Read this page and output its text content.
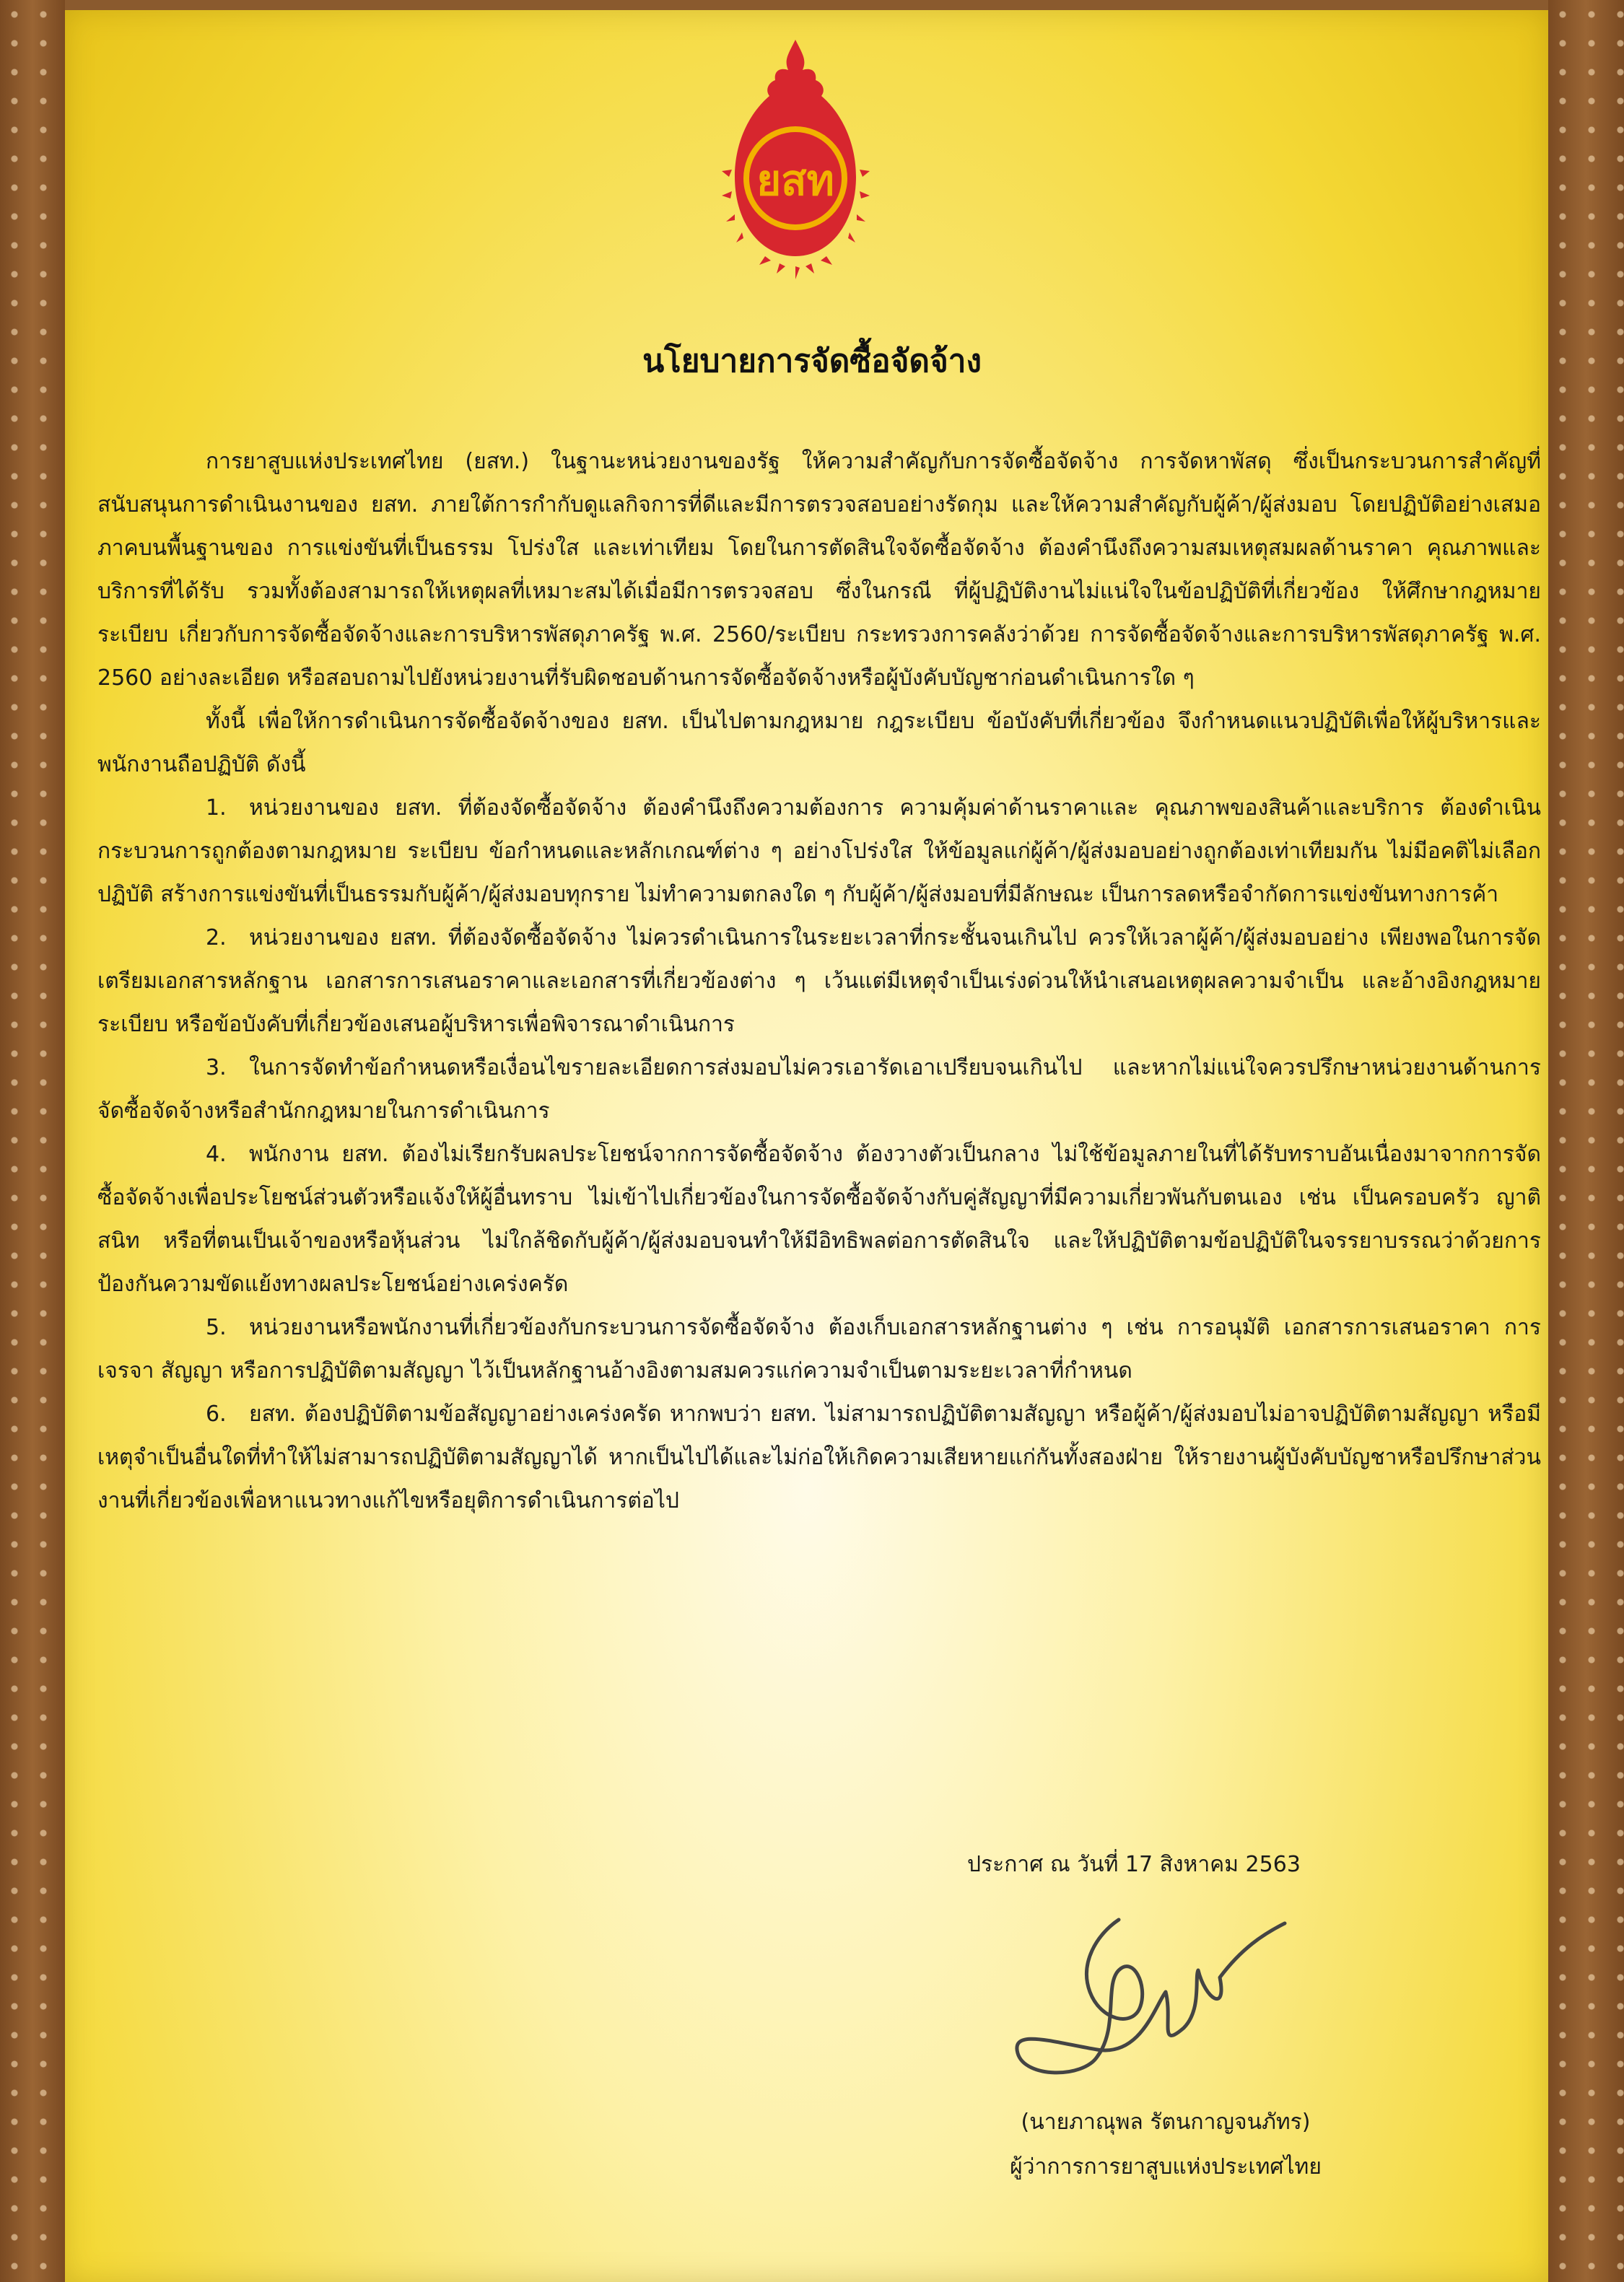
ยสท
นโยบายการจัดซื้อจัดจ้าง

การยาสูบแห่งประเทศไทย (ยสท.) ในฐานะหน่วยงานของรัฐ ให้ความสำคัญกับการจัดซื้อจัดจ้าง การจัดหาพัสดุ ซึ่งเป็นกระบวนการสำคัญที่สนับสนุนการดำเนินงานของ ยสท. ภายใต้การกำกับดูแลกิจการที่ดีและมีการตรวจสอบอย่างรัดกุม และให้ความสำคัญกับผู้ค้า/ผู้ส่งมอบ โดยปฏิบัติอย่างเสมอภาคบนพื้นฐานของ การแข่งขันที่เป็นธรรม โปร่งใส และเท่าเทียม โดยในการตัดสินใจจัดซื้อจัดจ้าง ต้องคำนึงถึงความสมเหตุสมผลด้านราคา คุณภาพและบริการที่ได้รับ รวมทั้งต้องสามารถให้เหตุผลที่เหมาะสมได้เมื่อมีการตรวจสอบ ซึ่งในกรณี ที่ผู้ปฏิบัติงานไม่แน่ใจในข้อปฏิบัติที่เกี่ยวข้อง ให้ศึกษากฎหมาย ระเบียบ เกี่ยวกับการจัดซื้อจัดจ้างและการบริหารพัสดุภาครัฐ พ.ศ. 2560/ระเบียบ กระทรวงการคลังว่าด้วย การจัดซื้อจัดจ้างและการบริหารพัสดุภาครัฐ พ.ศ. 2560 อย่างละเอียด หรือสอบถามไปยังหน่วยงานที่รับผิดชอบด้านการจัดซื้อจัดจ้างหรือผู้บังคับบัญชาก่อนดำเนินการใด ๆ

ทั้งนี้ เพื่อให้การดำเนินการจัดซื้อจัดจ้างของ ยสท. เป็นไปตามกฎหมาย กฎระเบียบ ข้อบังคับที่เกี่ยวข้อง จึงกำหนดแนวปฏิบัติเพื่อให้ผู้บริหารและพนักงานถือปฏิบัติ ดังนี้

1. หน่วยงานของ ยสท. ที่ต้องจัดซื้อจัดจ้าง ต้องคำนึงถึงความต้องการ ความคุ้มค่าด้านราคาและ คุณภาพของสินค้าและบริการ ต้องดำเนินกระบวนการถูกต้องตามกฎหมาย ระเบียบ ข้อกำหนดและหลักเกณฑ์ต่าง ๆ อย่างโปร่งใส ให้ข้อมูลแก่ผู้ค้า/ผู้ส่งมอบอย่างถูกต้องเท่าเทียมกัน ไม่มีอคติไม่เลือกปฏิบัติ สร้างการแข่งขันที่เป็นธรรมกับผู้ค้า/ผู้ส่งมอบทุกราย ไม่ทำความตกลงใด ๆ กับผู้ค้า/ผู้ส่งมอบที่มีลักษณะ เป็นการลดหรือจำกัดการแข่งขันทางการค้า

2. หน่วยงานของ ยสท. ที่ต้องจัดซื้อจัดจ้าง ไม่ควรดำเนินการในระยะเวลาที่กระชั้นจนเกินไป ควรให้เวลาผู้ค้า/ผู้ส่งมอบอย่าง เพียงพอในการจัดเตรียมเอกสารหลักฐาน เอกสารการเสนอราคาและเอกสารที่เกี่ยวข้องต่าง ๆ เว้นแต่มีเหตุจำเป็นเร่งด่วนให้นำเสนอเหตุผลความจำเป็น และอ้างอิงกฎหมาย ระเบียบ หรือข้อบังคับที่เกี่ยวข้องเสนอผู้บริหารเพื่อพิจารณาดำเนินการ

3. ในการจัดทำข้อกำหนดหรือเงื่อนไขรายละเอียดการส่งมอบไม่ควรเอารัดเอาเปรียบจนเกินไป และหากไม่แน่ใจควรปรึกษาหน่วยงานด้านการจัดซื้อจัดจ้างหรือสำนักกฎหมายในการดำเนินการ

4. พนักงาน ยสท. ต้องไม่เรียกรับผลประโยชน์จากการจัดซื้อจัดจ้าง ต้องวางตัวเป็นกลาง ไม่ใช้ข้อมูลภายในที่ได้รับทราบอันเนื่องมาจากการจัดซื้อจัดจ้างเพื่อประโยชน์ส่วนตัวหรือแจ้งให้ผู้อื่นทราบ ไม่เข้าไปเกี่ยวข้องในการจัดซื้อจัดจ้างกับคู่สัญญาที่มีความเกี่ยวพันกับตนเอง เช่น เป็นครอบครัว ญาติสนิท หรือที่ตนเป็นเจ้าของหรือหุ้นส่วน ไม่ใกล้ชิดกับผู้ค้า/ผู้ส่งมอบจนทำให้มีอิทธิพลต่อการตัดสินใจ และให้ปฏิบัติตามข้อปฏิบัติในจรรยาบรรณว่าด้วยการป้องกันความขัดแย้งทางผลประโยชน์อย่างเคร่งครัด

5. หน่วยงานหรือพนักงานที่เกี่ยวข้องกับกระบวนการจัดซื้อจัดจ้าง ต้องเก็บเอกสารหลักฐานต่าง ๆ เช่น การอนุมัติ เอกสารการเสนอราคา การเจรจา สัญญา หรือการปฏิบัติตามสัญญา ไว้เป็นหลักฐานอ้างอิงตามสมควรแก่ความจำเป็นตามระยะเวลาที่กำหนด

6. ยสท. ต้องปฏิบัติตามข้อสัญญาอย่างเคร่งครัด หากพบว่า ยสท. ไม่สามารถปฏิบัติตามสัญญา หรือผู้ค้า/ผู้ส่งมอบไม่อาจปฏิบัติตามสัญญา หรือมีเหตุจำเป็นอื่นใดที่ทำให้ไม่สามารถปฏิบัติตามสัญญาได้ หากเป็นไปได้และไม่ก่อให้เกิดความเสียหายแก่กันทั้งสองฝ่าย ให้รายงานผู้บังคับบัญชาหรือปรึกษาส่วนงานที่เกี่ยวข้องเพื่อหาแนวทางแก้ไขหรือยุติการดำเนินการต่อไป

ประกาศ ณ วันที่ 17 สิงหาคม 2563
(นายภาณุพล รัตนกาญจนภัทร)
ผู้ว่าการการยาสูบแห่งประเทศไทย
